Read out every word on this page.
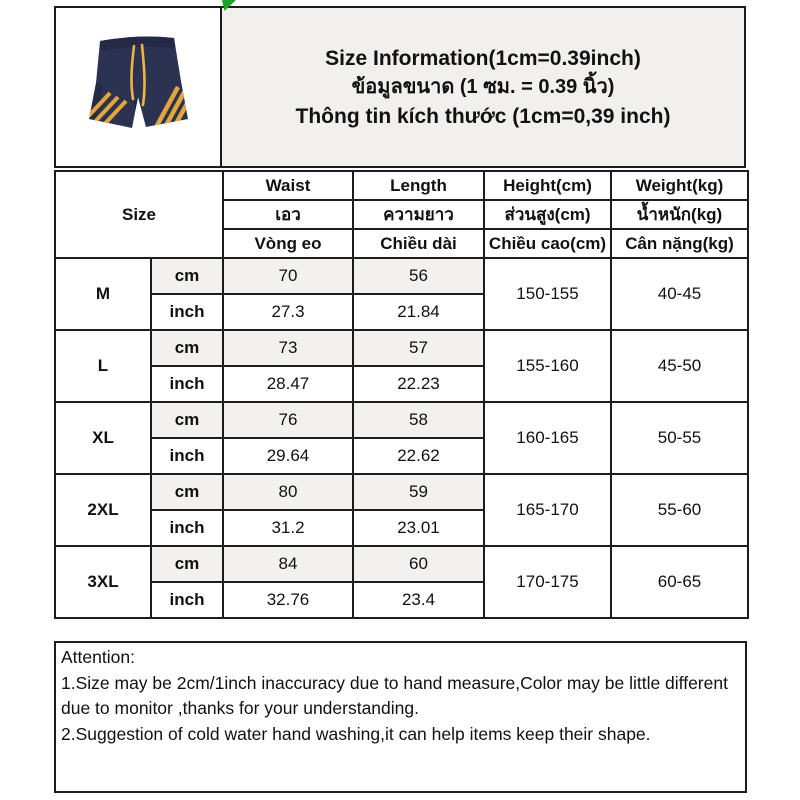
Size Information(1cm=0.39inch)
ข้อมูลขนาด (1 ซม. = 0.39 นิ้ว)
Thông tin kích thước (1cm=0,39 inch)
Size		Waist	Length	Height(cm)	Weight(kg)
		เอว	ความยาว	ส่วนสูง(cm)	น้ำหนัก(kg)
		Vòng eo	Chiều dài	Chiều cao(cm)	Cân nặng(kg)
M	cm	70	56	150-155	40-45
	inch	27.3	21.84		
L	cm	73	57	155-160	45-50
	inch	28.47	22.23		
XL	cm	76	58	160-165	50-55
	inch	29.64	22.62		
2XL	cm	80	59	165-170	55-60
	inch	31.2	23.01		
3XL	cm	84	60	170-175	60-65
	inch	32.76	23.4		
Attention:
1.Size may be 2cm/1inch inaccuracy due to hand measure,Color may be little different due to monitor ,thanks for your understanding.
2.Suggestion of cold water hand washing,it can help items keep their shape.
